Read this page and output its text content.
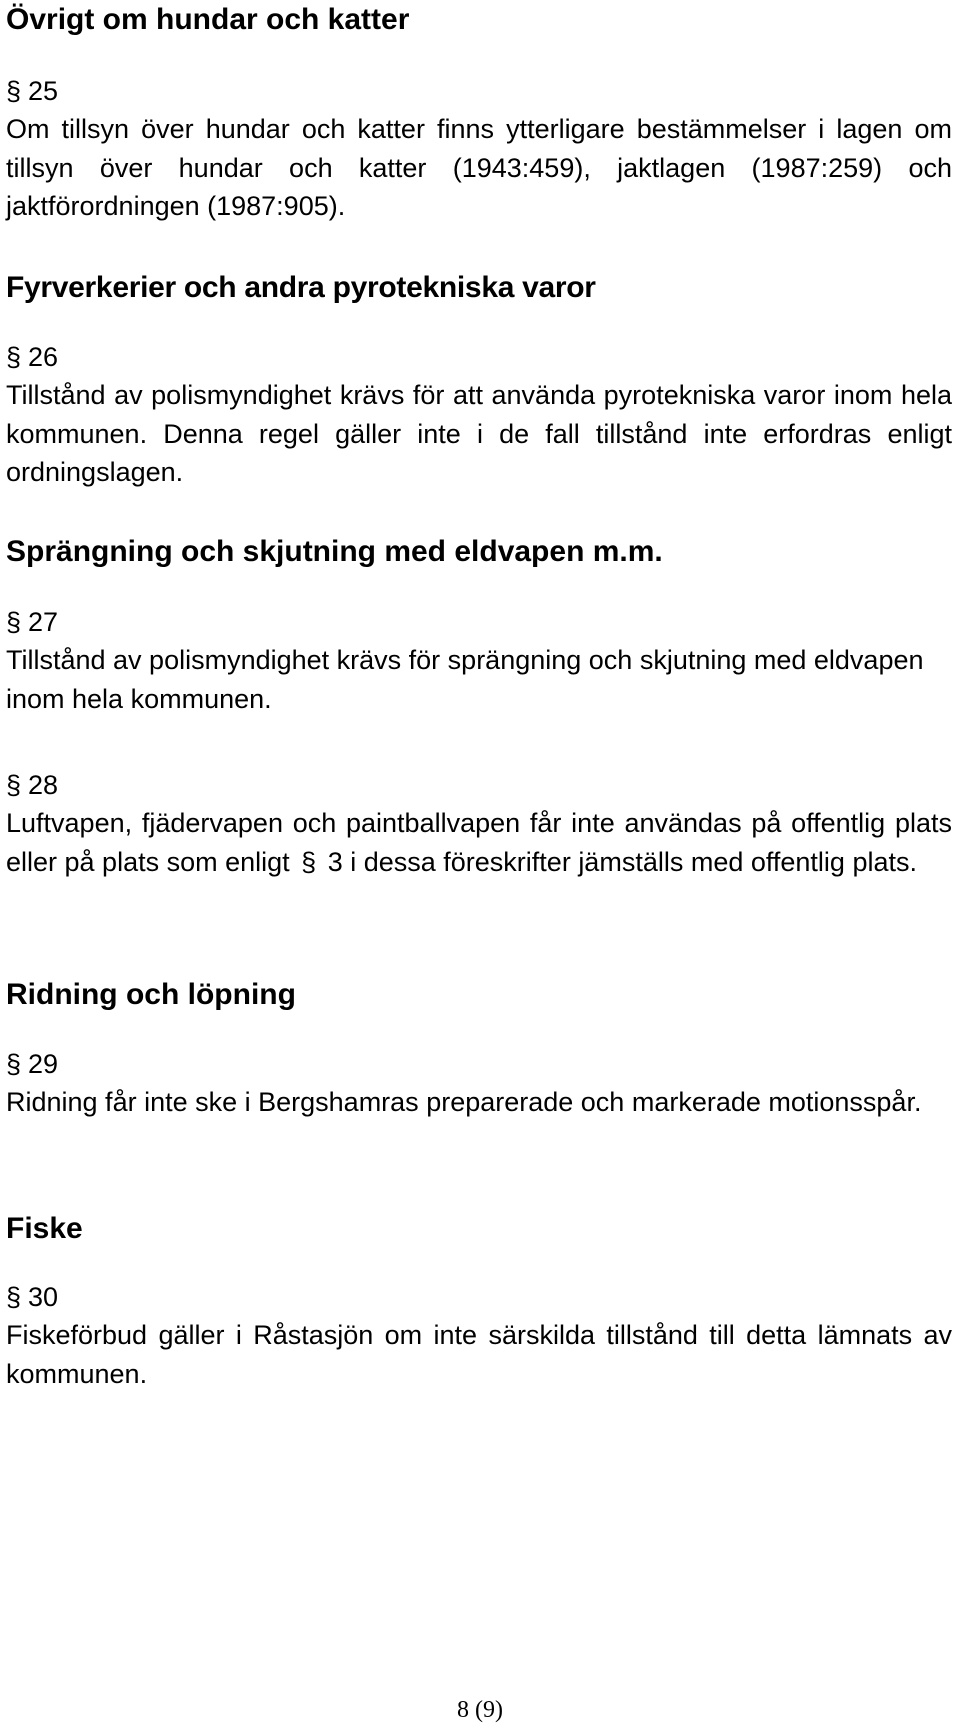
Övrigt om hundar och katter
§ 25

Om tillsyn över hundar och katter finns ytterligare bestämmelser i lagen om tillsyn över hundar och katter (1943:459), jaktlagen (1987:259) och jaktförordningen (1987:905).

Fyrverkerier och andra pyrotekniska varor
§ 26

Tillstånd av polismyndighet krävs för att använda pyrotekniska varor inom hela kommunen. Denna regel gäller inte i de fall tillstånd inte erfordras enligt ordningslagen.

Sprängning och skjutning med eldvapen m.m.
§ 27

Tillstånd av polismyndighet krävs för sprängning och skjutning med eldvapen inom hela kommunen.

§ 28

Luftvapen, fjädervapen och paintballvapen får inte användas på offentlig plats eller på plats som enligt § 3 i dessa föreskrifter jämställs med offentlig plats.

Ridning och löpning
§ 29

Ridning får inte ske i Bergshamras preparerade och markerade motionsspår.

Fiske
§ 30

Fiskeförbud gäller i Råstasjön om inte särskilda tillstånd till detta lämnats av kommunen.

8 (9)
